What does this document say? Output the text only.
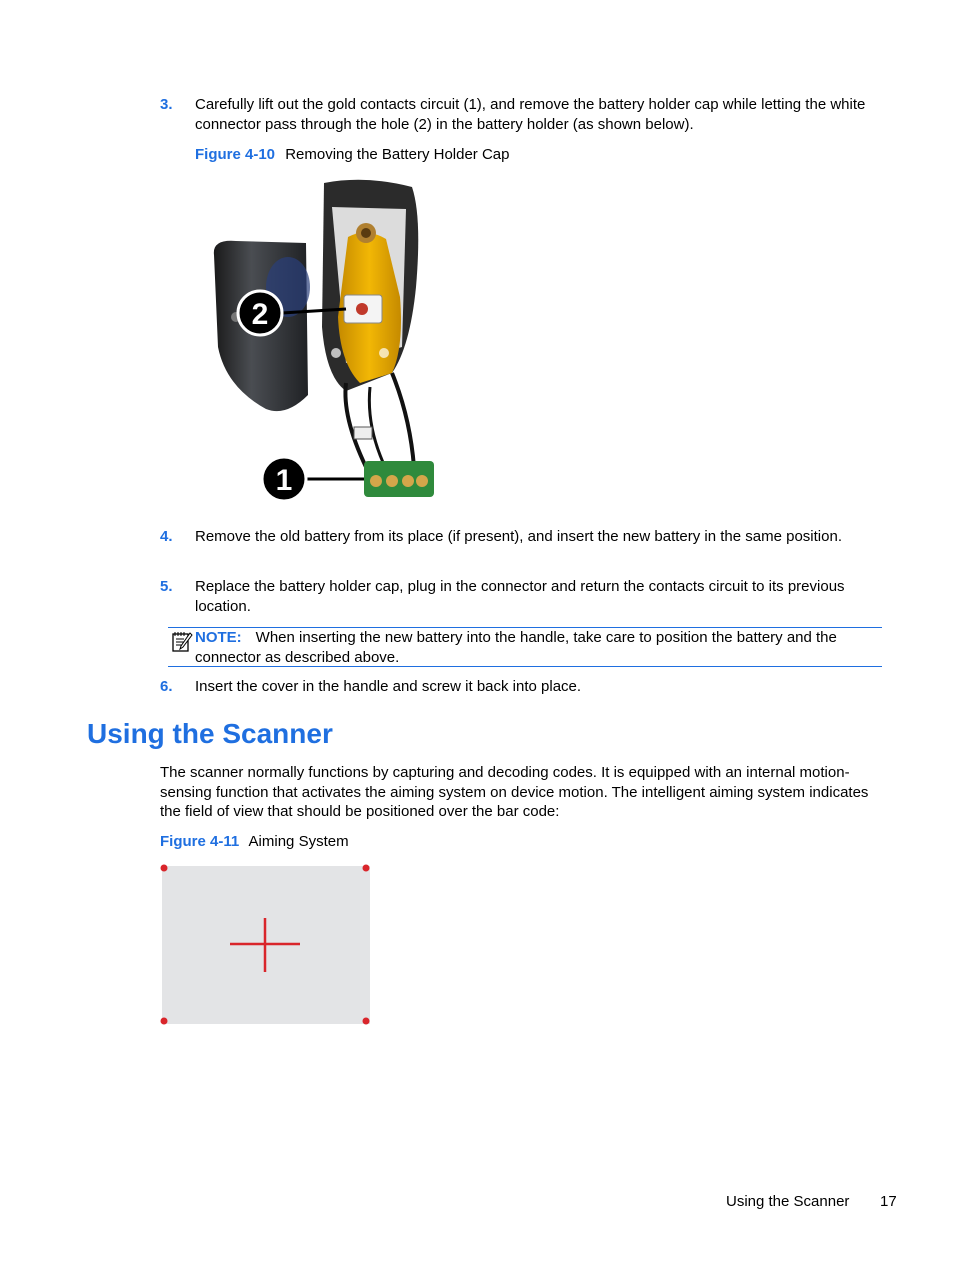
3. Carefully lift out the gold contacts circuit (1), and remove the battery holder cap while letting the white connector pass through the hole (2) in the battery holder (as shown below).
Figure 4-10 Removing the Battery Holder Cap
2
1
4. Remove the old battery from its place (if present), and insert the new battery in the same position.
5. Replace the battery holder cap, plug in the connector and return the contacts circuit to its previous location.
NOTE: When inserting the new battery into the handle, take care to position the battery and the connector as described above.
6. Insert the cover in the handle and screw it back into place.
Using the Scanner
The scanner normally functions by capturing and decoding codes. It is equipped with an internal motion-sensing function that activates the aiming system on device motion. The intelligent aiming system indicates the field of view that should be positioned over the bar code:
Figure 4-11 Aiming System
Using the Scanner 17
